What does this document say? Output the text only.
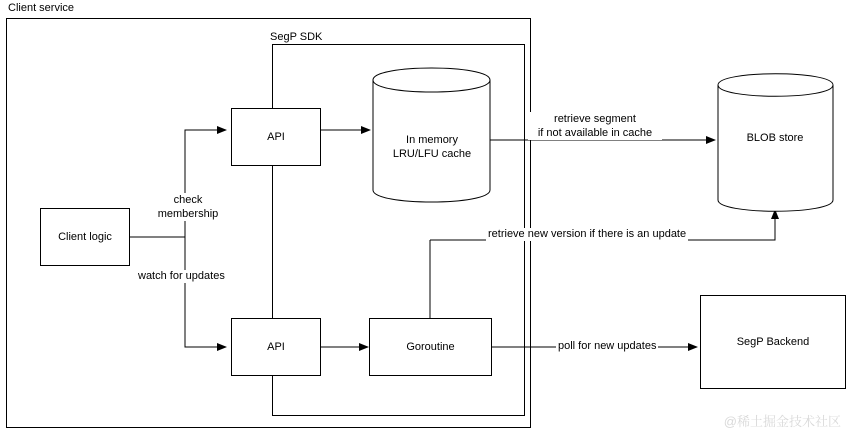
Client service
SegP SDK
In memory
LRU/LFU cache
BLOB store
Client logic
API
API	Goroutine	SegP Backend
check
membership
watch for updates
retrieve segment
if not available in cache
retrieve new version if there is an update
poll for new updates
@稀土掘金技术社区
